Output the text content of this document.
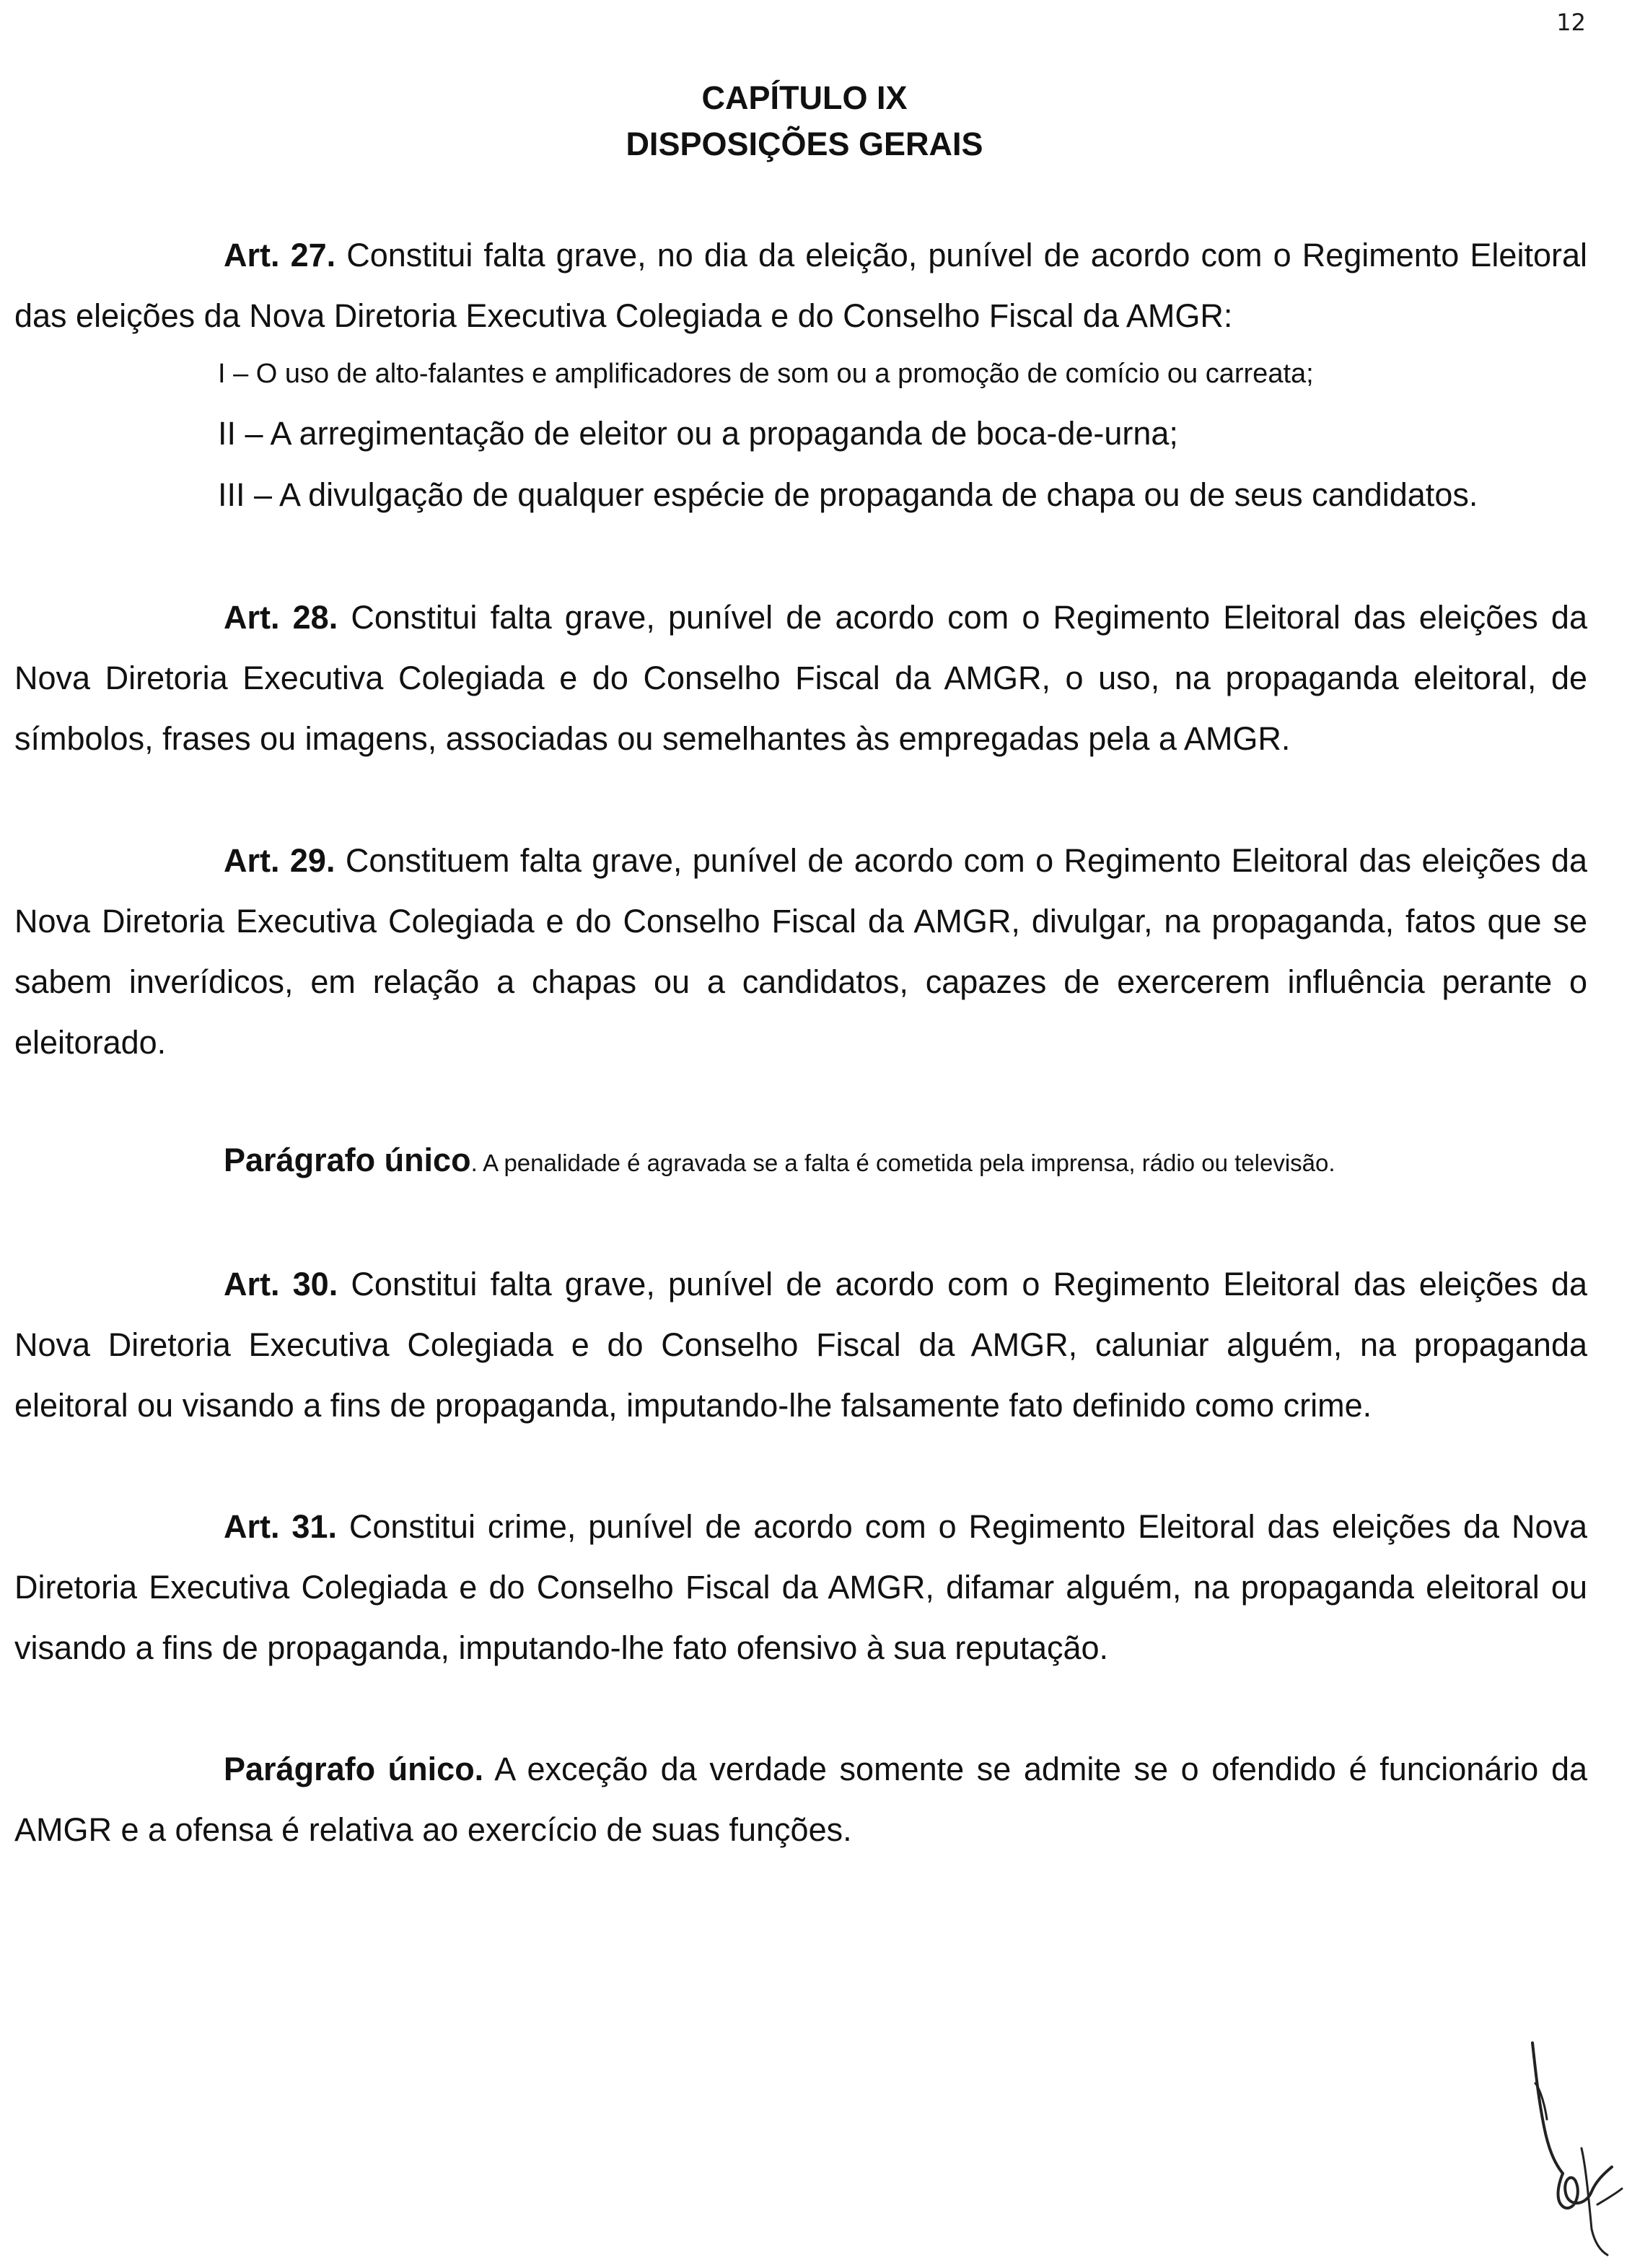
12
CAPÍTULO IX
DISPOSIÇÕES GERAIS
Art. 27. Constitui falta grave, no dia da eleição, punível de acordo com o Regimento Eleitoral das eleições da Nova Diretoria Executiva Colegiada e do Conselho Fiscal da AMGR:
I – O uso de alto-falantes e amplificadores de som ou a promoção de comício ou carreata;
II – A arregimentação de eleitor ou a propaganda de boca-de-urna;
III – A divulgação de qualquer espécie de propaganda de chapa ou de seus candidatos.
Art. 28. Constitui falta grave, punível de acordo com o Regimento Eleitoral das eleições da Nova Diretoria Executiva Colegiada e do Conselho Fiscal da AMGR, o uso, na propaganda eleitoral, de símbolos, frases ou imagens, associadas ou semelhantes às empregadas pela a AMGR.
Art. 29. Constituem falta grave, punível de acordo com o Regimento Eleitoral das eleições da Nova Diretoria Executiva Colegiada e do Conselho Fiscal da AMGR, divulgar, na propaganda, fatos que se sabem inverídicos, em relação a chapas ou a candidatos, capazes de exercerem influência perante o eleitorado.
Parágrafo único. A penalidade é agravada se a falta é cometida pela imprensa, rádio ou televisão.
Art. 30. Constitui falta grave, punível de acordo com o Regimento Eleitoral das eleições da Nova Diretoria Executiva Colegiada e do Conselho Fiscal da AMGR, caluniar alguém, na propaganda eleitoral ou visando a fins de propaganda, imputando-lhe falsamente fato definido como crime.
Art. 31. Constitui crime, punível de acordo com o Regimento Eleitoral das eleições da Nova Diretoria Executiva Colegiada e do Conselho Fiscal da AMGR, difamar alguém, na propaganda eleitoral ou visando a fins de propaganda, imputando-lhe fato ofensivo à sua reputação.
Parágrafo único. A exceção da verdade somente se admite se o ofendido é funcionário da AMGR e a ofensa é relativa ao exercício de suas funções.
